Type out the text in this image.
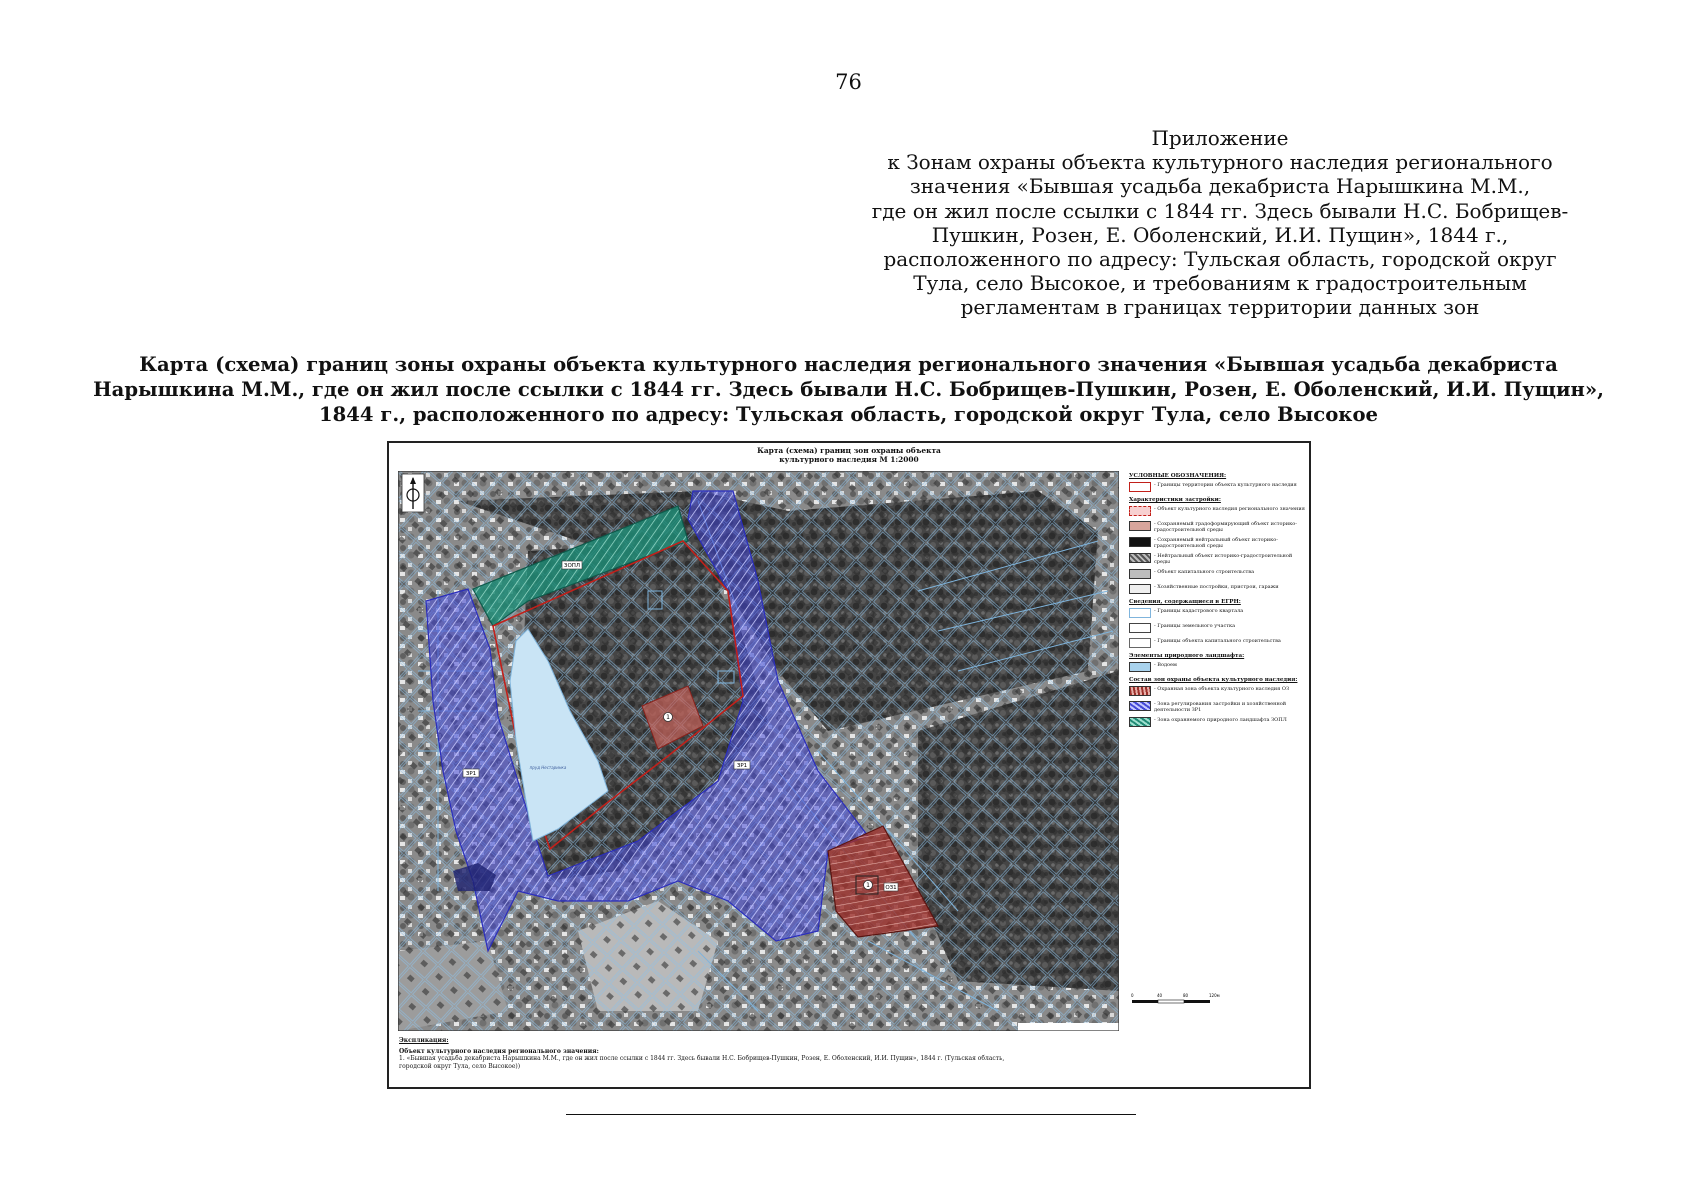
76
Приложение
к Зонам охраны объекта культурного наследия регионального
значения «Бывшая усадьба декабриста Нарышкина М.М.,
где он жил после ссылки с 1844 гг. Здесь бывали Н.С. Бобрищев-
Пушкин, Розен, Е. Оболенский, И.И. Пущин», 1844 г.,
расположенного по адресу: Тульская область, городской округ
Тула, село Высокое, и требованиям к градостроительным
регламентам в границах территории данных зон
Карта (схема) границ зоны охраны объекта культурного наследия регионального значения «Бывшая усадьба декабриста
Нарышкина М.М., где он жил после ссылки с 1844 гг. Здесь бывали Н.С. Бобрищев-Пушкин, Розен, Е. Оболенский, И.И. Пущин»,
1844 г., расположенного по адресу: Тульская область, городской округ Тула, село Высокое
Карта (схема) границ зон охраны объекта
культурного наследия М 1:2000
1
1
ЗОПЛ
ЗР1
ЗР1
ОЗ1
пруд Нестаринка
УСЛОВНЫЕ ОБОЗНАЧЕНИЯ:
- Границы территории объекта культурного наследия
Характеристики застройки:
- Объект культурного наследия регионального значения
- Сохраняемый градоформирующий объект историко-градостроительной среды
- Сохраняемый нейтральный объект историко-градостроительной среды
- Нейтральный объект историко-градостроительной среды
- Объект капитального строительства
- Хозяйственные постройки, пристрои, гаражи
Сведения, содержащиеся в ЕГРН:
- Границы кадастрового квартала
- Границы земельного участка
- Границы объекта капитального строительства
Элементы природного ландшафта:
- Водоем
Состав зон охраны объекта культурного наследия:
- Охранная зона объекта культурного наследия ОЗ
- Зона регулирования застройки и хозяйственной деятельности ЗР1
- Зона охраняемого природного ландшафта ЗОПЛ
0	40	80	120м
Экспликация:
Объект культурного наследия регионального значения:
1. «Бывшая усадьба декабриста Нарышкина М.М., где он жил после ссылки с 1844 гг. Здесь бывали Н.С. Бобрищев-Пушкин, Розен, Е. Оболенский, И.И. Пущин», 1844 г. (Тульская область,
городской округ Тула, село Высокое))
